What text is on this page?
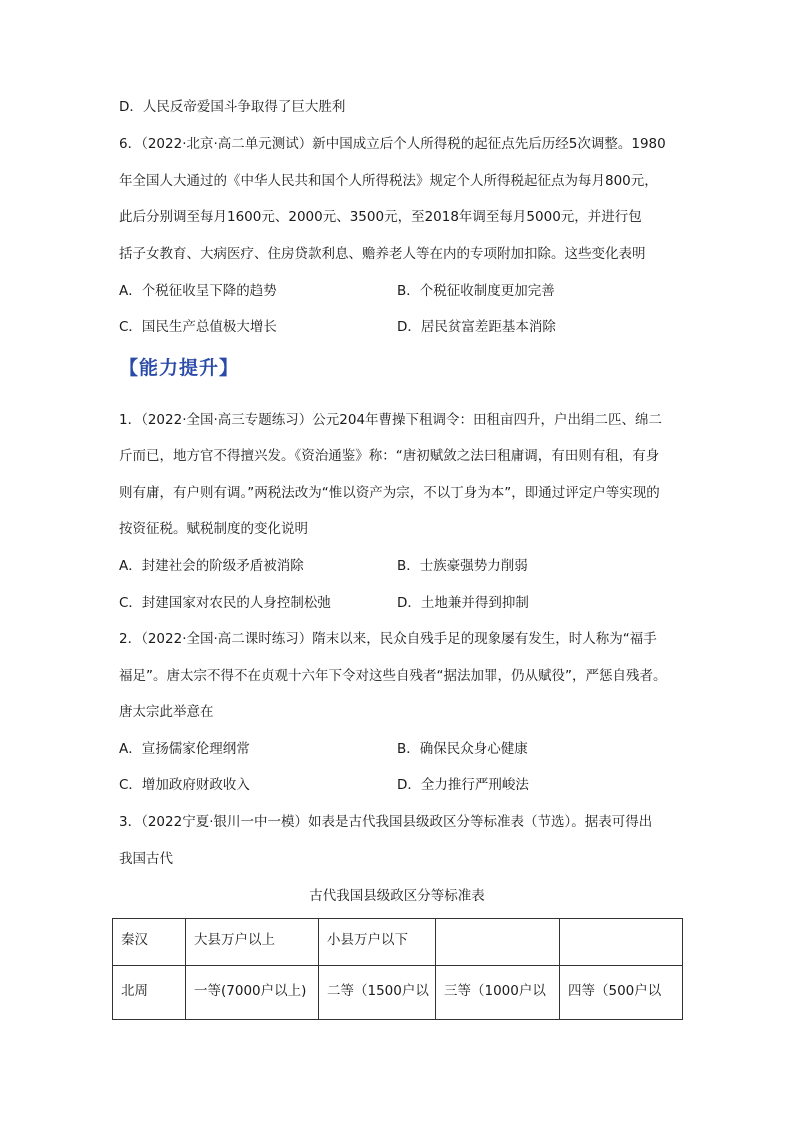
D．人民反帝爱国斗争取得了巨大胜利
6．（2022·北京·高二单元测试）新中国成立后个人所得税的起征点先后历经5次调整。1980
年全国人大通过的《中华人民共和国个人所得税法》规定个人所得税起征点为每月800元，
此后分别调至每月1600元、2000元、3500元，至2018年调至每月5000元，并进行包
括子女教育、大病医疗、住房贷款利息、赡养老人等在内的专项附加扣除。这些变化表明
A．个税征收呈下降的趋势	B．个税征收制度更加完善
C．国民生产总值极大增长	D．居民贫富差距基本消除
【能力提升】
1．（2022·全国·高三专题练习）公元204年曹操下租调令：田租亩四升，户出绢二匹、绵二
斤而已，地方官不得擅兴发。《资治通鉴》称：“唐初赋敛之法曰租庸调，有田则有租，有身
则有庸，有户则有调。”两税法改为“惟以资产为宗，不以丁身为本”，即通过评定户等实现的
按资征税。赋税制度的变化说明
A．封建社会的阶级矛盾被消除	B．士族豪强势力削弱
C．封建国家对农民的人身控制松弛	D．土地兼并得到抑制
2．（2022·全国·高二课时练习）隋末以来，民众自残手足的现象屡有发生，时人称为“福手
福足”。唐太宗不得不在贞观十六年下令对这些自残者“据法加罪，仍从赋役”，严惩自残者。
唐太宗此举意在
A．宣扬儒家伦理纲常	B．确保民众身心健康
C．增加政府财政收入	D．全力推行严刑峻法
3．（2022宁夏·银川一中一模）如表是古代我国县级政区分等标准表（节选）。据表可得出
我国古代
古代我国县级政区分等标准表
秦汉	大县万户以上	小县万户以下		
北周	一等(7000户以上)	二等（1500户以	三等（1000户以	四等（500户以
